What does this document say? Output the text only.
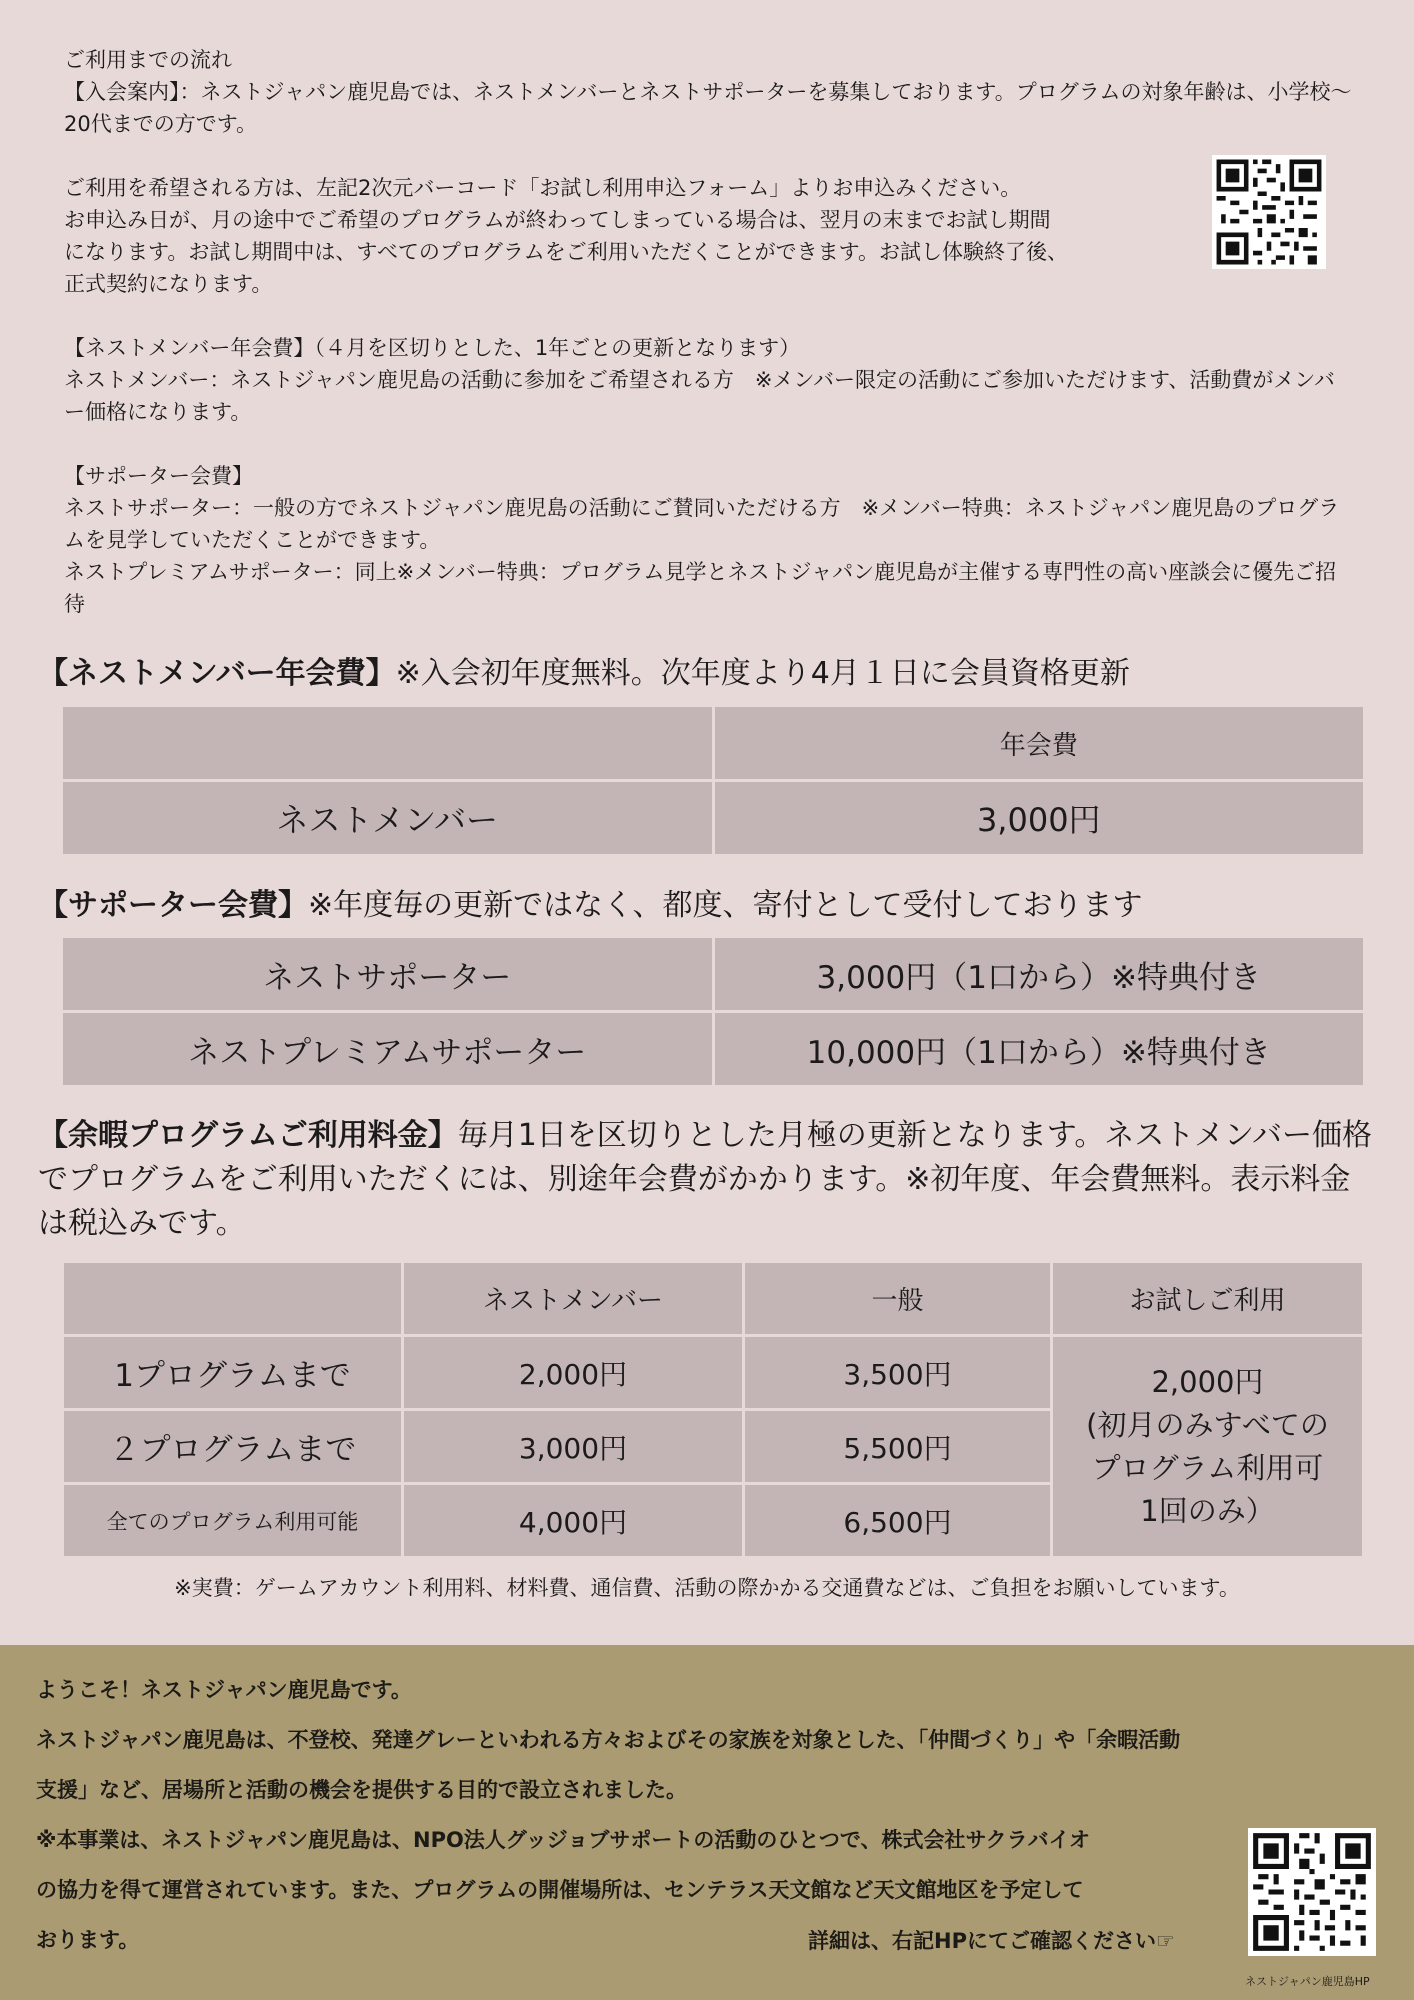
ご利用までの流れ

【入会案内】：ネストジャパン鹿児島では、ネストメンバーとネストサポーターを募集しております。プログラムの対象年齢は、小学校～20代までの方です。

ご利用を希望される方は、左記2次元バーコード「お試し利用申込フォーム」よりお申込みください。

お申込み日が、月の途中でご希望のプログラムが終わってしまっている場合は、翌月の末までお試し期間

になります。お試し期間中は、すべてのプログラムをご利用いただくことができます。お試し体験終了後、

正式契約になります。

【ネストメンバー年会費】（４月を区切りとした、1年ごとの更新となります）

ネストメンバー：ネストジャパン鹿児島の活動に参加をご希望される方　※メンバー限定の活動にご参加いただけます、活動費がメンバー価格になります。

【サポーター会費】

ネストサポーター：一般の方でネストジャパン鹿児島の活動にご賛同いただける方　※メンバー特典：ネストジャパン鹿児島のプログラムを見学していただくことができます。

ネストプレミアムサポーター：同上※メンバー特典：プログラム見学とネストジャパン鹿児島が主催する専門性の高い座談会に優先ご招待

【ネストメンバー年会費】※入会初年度無料。次年度より4月１日に会員資格更新
	年会費
ネストメンバー	3,000円
【サポーター会費】※年度毎の更新ではなく、都度、寄付として受付しております
ネストサポーター	3,000円（1口から）※特典付き
ネストプレミアムサポーター	10,000円（1口から）※特典付き
【余暇プログラムご利用料金】毎月1日を区切りとした月極の更新となります。ネストメンバー価格でプログラムをご利用いただくには、別途年会費がかかります。※初年度、年会費無料。表示料金は税込みです。
	ネストメンバー	一般	お試しご利用
1プログラムまで	2,000円	3,500円	2,000円
(初月のみすべての
プログラム利用可
1回のみ）

２プログラムまで	3,000円	5,500円	
全てのプログラム利用可能	4,000円	6,500円	
※実費：ゲームアカウント利用料、材料費、通信費、活動の際かかる交通費などは、ご負担をお願いしています。

ようこそ！ネストジャパン鹿児島です。

ネストジャパン鹿児島は、不登校、発達グレーといわれる方々およびその家族を対象とした、「仲間づくり」や「余暇活動

支援」など、居場所と活動の機会を提供する目的で設立されました。

※本事業は、ネストジャパン鹿児島は、NPO法人グッジョブサポートの活動のひとつで、株式会社サクラバイオ

の協力を得て運営されています。また、プログラムの開催場所は、センテラス天文館など天文館地区を予定して

おります。	詳細は、右記HPにてご確認ください☞
ネストジャパン鹿児島HP
